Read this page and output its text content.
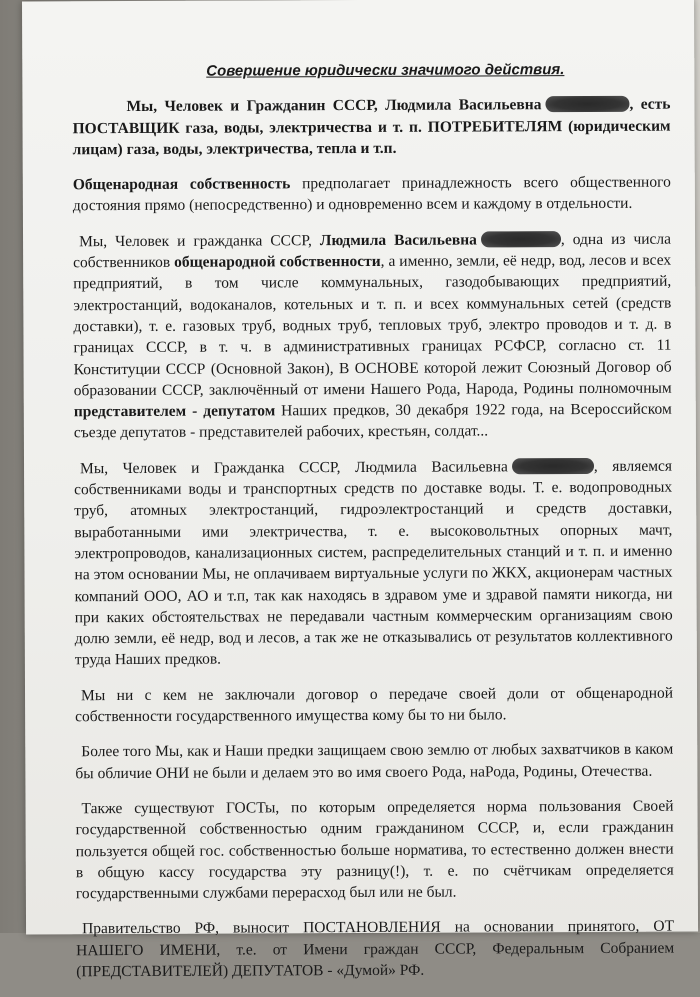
Совершение юридически значимого действия.

Мы, Человек и Гражданин СССР, Людмила Васильевна	, есть ПОСТАВЩИК газа, воды, электричества и т. п. ПОТРЕБИТЕЛЯМ (юридическим лицам) газа, воды, электричества, тепла и т.п.

Общенародная собственность предполагает принадлежность всего общественного достояния прямо (непосредственно) и одновременно всем и каждому в отдельности.

Мы, Человек и гражданка СССР, Людмила Васильевна	, одна из числа собственников общенародной собственности, а именно, земли, её недр, вод, лесов и всех предприятий, в том числе коммунальных, газодобывающих предприятий, электростанций, водоканалов, котельных и т. п. и всех коммунальных сетей (средств доставки), т. е. газовых труб, водных труб, тепловых труб, электро проводов и т. д. в границах СССР, в т. ч. в административных границах РСФСР, согласно ст. 11 Конституции СССР (Основной Закон), В ОСНОВЕ которой лежит Союзный Договор об образовании СССР, заключённый от имени Нашего Рода, Народа, Родины полномочным представителем - депутатом Наших предков, 30 декабря 1922 года, на Всероссийском съезде депутатов - представителей рабочих, крестьян, солдат...

Мы, Человек и Гражданка СССР, Людмила Васильевна	, являемся собственниками воды и транспортных средств по доставке воды. Т. е. водопроводных труб, атомных электростанций, гидроэлектростанций и средств доставки, выработанными ими электричества, т. е. высоковольтных опорных мачт, электропроводов, канализационных систем, распределительных станций и т. п. и именно на этом основании Мы, не оплачиваем виртуальные услуги по ЖКХ, акционерам частных компаний ООО, АО и т.п, так как находясь в здравом уме и здравой памяти никогда, ни при каких обстоятельствах не передавали частным коммерческим организациям свою долю земли, её недр, вод и лесов, а так же не отказывались от результатов коллективного труда Наших предков.

Мы ни с кем не заключали договор о передаче своей доли от общенародной собственности государственного имущества кому бы то ни было.

Более того Мы, как и Наши предки защищаем свою землю от любых захватчиков в каком бы обличие ОНИ не были и делаем это во имя своего Рода, наРода, Родины, Отечества.

Также существуют ГОСТы, по которым определяется норма пользования Своей государственной собственностью одним гражданином СССР, и, если гражданин пользуется общей гос. собственностью больше норматива, то естественно должен внести в общую кассу государства эту разницу(!), т. е. по счётчикам определяется государственными службами перерасход был или не был.

Правительство РФ, выносит ПОСТАНОВЛЕНИЯ на основании принятого, ОТ НАШЕГО ИМЕНИ, т.е. от Имени граждан СССР, Федеральным Собранием (ПРЕДСТАВИТЕЛЕЙ) ДЕПУТАТОВ - «Думой» РФ.
